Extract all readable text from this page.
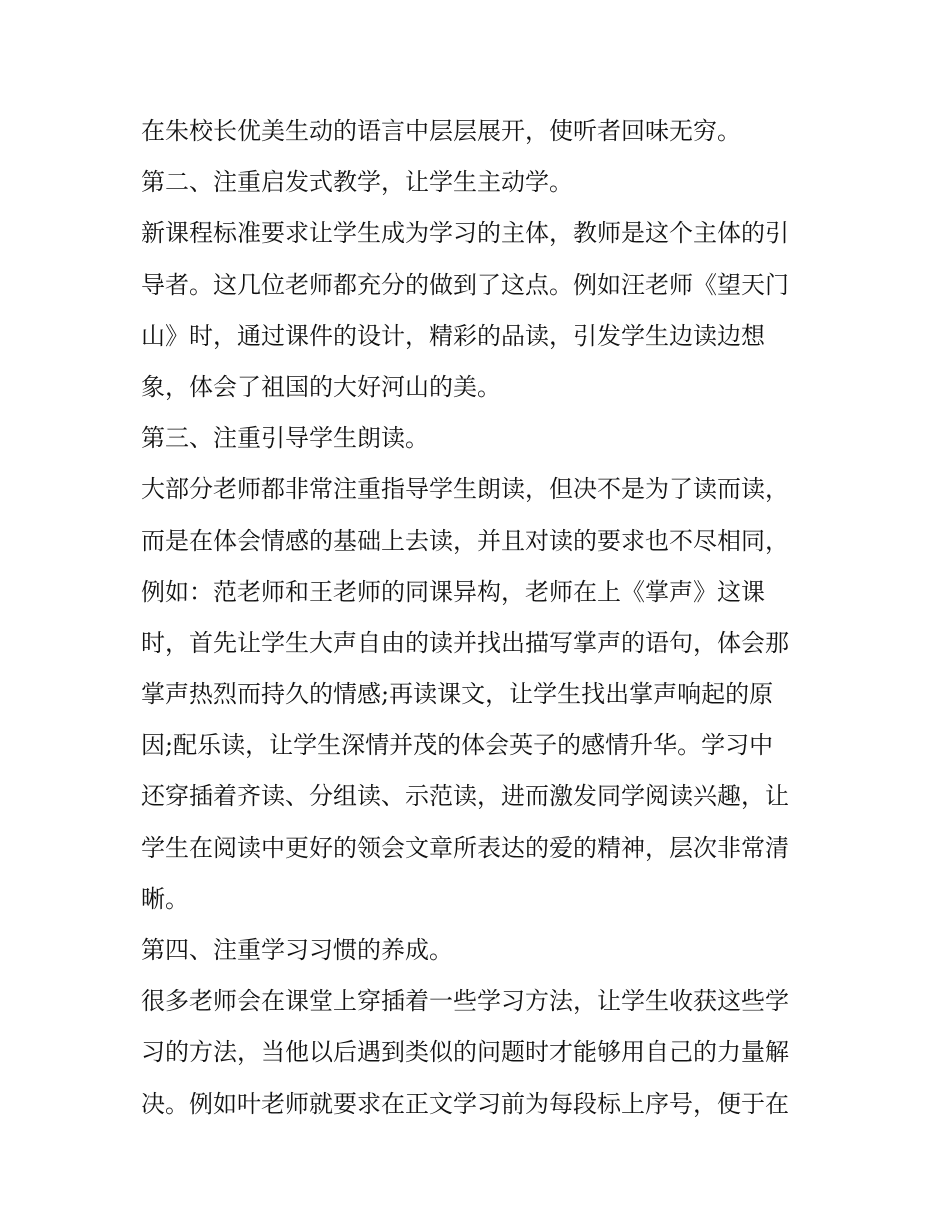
在朱校长优美生动的语言中层层展开，使听者回味无穷。
第二、注重启发式教学，让学生主动学。
新课程标准要求让学生成为学习的主体，教师是这个主体的引
导者。这几位老师都充分的做到了这点。例如汪老师《望天门
山》时，通过课件的设计，精彩的品读，引发学生边读边想
象，体会了祖国的大好河山的美。
第三、注重引导学生朗读。
大部分老师都非常注重指导学生朗读，但决不是为了读而读，
而是在体会情感的基础上去读，并且对读的要求也不尽相同，
例如：范老师和王老师的同课异构，老师在上《掌声》这课
时，首先让学生大声自由的读并找出描写掌声的语句，体会那
掌声热烈而持久的情感;再读课文，让学生找出掌声响起的原
因;配乐读，让学生深情并茂的体会英子的感情升华。学习中
还穿插着齐读、分组读、示范读，进而激发同学阅读兴趣，让
学生在阅读中更好的领会文章所表达的爱的精神，层次非常清
晰。
第四、注重学习习惯的养成。
很多老师会在课堂上穿插着一些学习方法，让学生收获这些学
习的方法，当他以后遇到类似的问题时才能够用自己的力量解
决。例如叶老师就要求在正文学习前为每段标上序号，便于在
